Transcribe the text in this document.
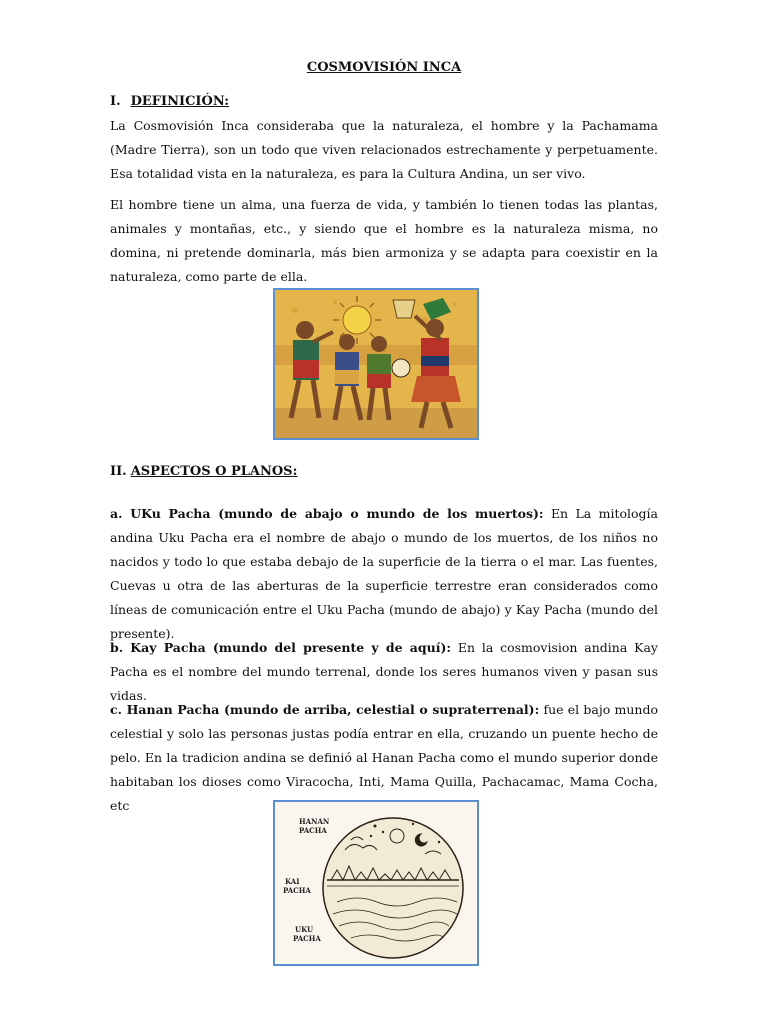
COSMOVISIÓN INCA
I. DEFINICIÓN:

La Cosmovisión Inca consideraba que la naturaleza, el hombre y la Pachamama (Madre Tierra), son un todo que viven relacionados estrechamente y perpetuamente. Esa totalidad vista en la naturaleza, es para la Cultura Andina, un ser vivo.

El hombre tiene un alma, una fuerza de vida, y también lo tienen todas las plantas, animales y montañas, etc., y siendo que el hombre es la naturaleza misma, no domina, ni pretende dominarla, más bien armoniza y se adapta para coexistir en la naturaleza, como parte de ella.

II. ASPECTOS O PLANOS:

a. UKu Pacha (mundo de abajo o mundo de los muertos): En La mitología andina Uku Pacha era el nombre de abajo o mundo de los muertos, de los niños no nacidos y todo lo que estaba debajo de la superficie de la tierra o el mar. Las fuentes, Cuevas u otra de las aberturas de la superficie terrestre eran considerados como líneas de comunicación entre el Uku Pacha (mundo de abajo) y Kay Pacha (mundo del presente).

b. Kay Pacha (mundo del presente y de aquí): En la cosmovision andina Kay Pacha es el nombre del mundo terrenal, donde los seres humanos viven y pasan sus vidas.

c. Hanan Pacha (mundo de arriba, celestial o supraterrenal): fue el bajo mundo celestial y solo las personas justas podía entrar en ella, cruzando un puente hecho de pelo. En la tradicion andina se definió al Hanan Pacha como el mundo superior donde habitaban los dioses como Viracocha, Inti, Mama Quilla, Pachacamac, Mama Cocha, etc

HANAN
PACHA
KAI
PACHA
UKU
PACHA
